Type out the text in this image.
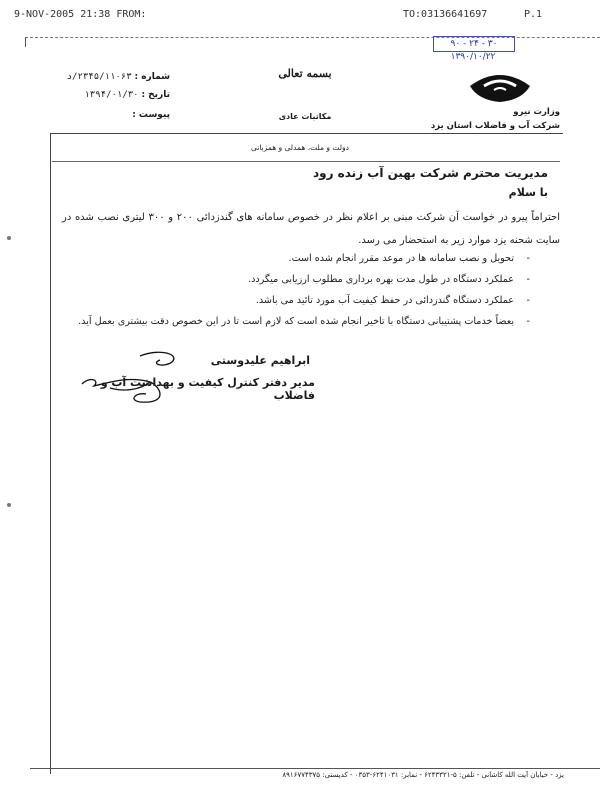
9-NOV-2005 21:38 FROM:	TO:03136641697	P.1
۹۰ - ۲۴ - ۳۰
۱۳۹۰/۱۰/۲۲
بسمه تعالی
شماره : ۲۳۴۵/۱۱۰۶۳/د
تاریخ : ۱۳۹۴/۰۱/۳۰
پیوست :	وزارت نیرو
شرکت آب و فاضلاب استان یزد
مکاتبات عادی
دولت و ملت، همدلی و همزبانی
مدیریت محترم شرکت بهین آب زنده رود
با سلام
احتراماً پیرو در خواست آن شرکت مبنی بر اعلام نظر در خصوص سامانه های گندزدائی ۲۰۰ و ۳۰۰ لیتری نصب شده در سایت شحنه یزد موارد زیر به استحضار می رسد.
- تحویل و نصب سامانه ها در موعد مقرر انجام شده است.
- عملکرد دستگاه در طول مدت بهره برداری مطلوب ارزیابی میگردد.
- عملکرد دستگاه گندزدائی در حفظ کیفیت آب مورد تائید می باشد.
- بعضاً خدمات پشتیبانی دستگاه با تاخیر انجام شده است که لازم است تا در این خصوص دقت بیشتری بعمل آید.
ابراهیم علیدوستی
مدیر دفتر کنترل کیفیت و بهداشت آب و فاضلاب
یزد - خیابان آیت الله کاشانی - تلفن: ۵-۶۲۴۳۳۲۱ - نمابر: ۶۲۴۱۰۳۱-۰۳۵۳ - کدپستی: ۸۹۱۶۷۷۴۳۷۵
